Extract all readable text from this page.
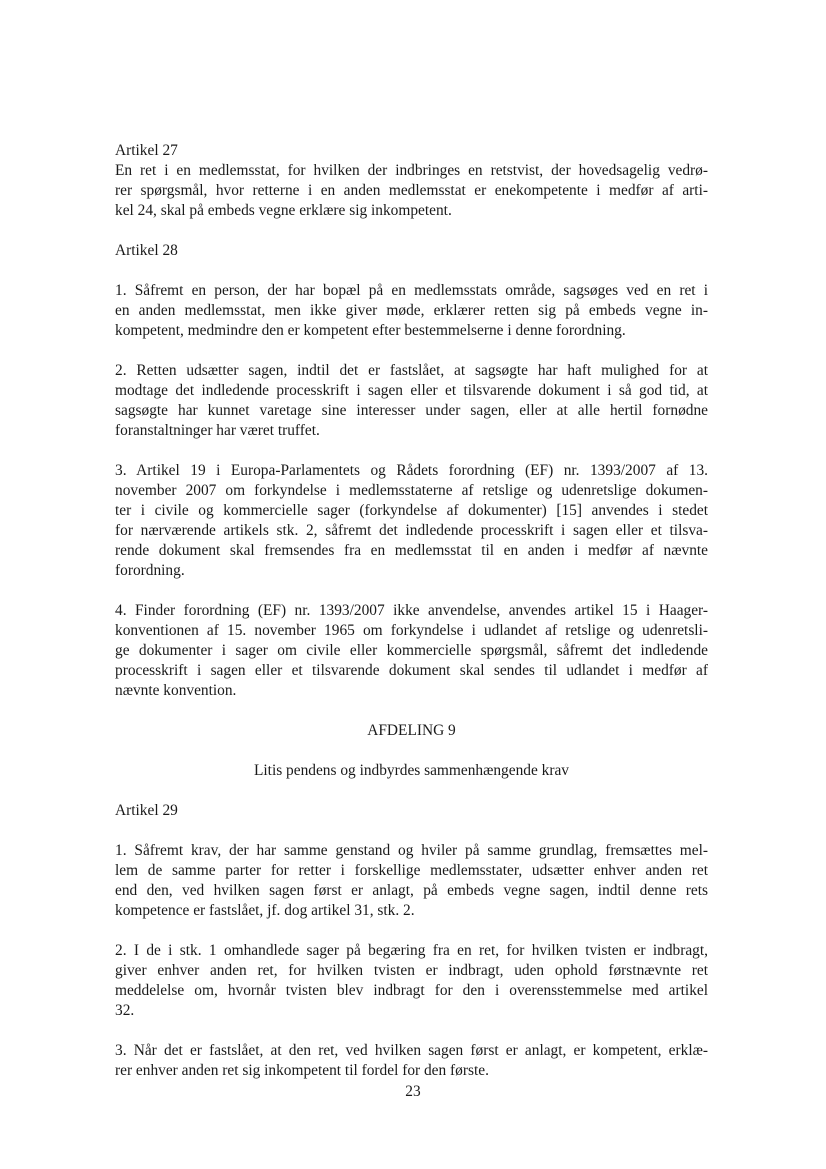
Artikel 27
En ret i en medlemsstat, for hvilken der indbringes en retstvist, der hovedsagelig vedrø-
rer spørgsmål, hvor retterne i en anden medlemsstat er enekompetente i medfør af arti-
kel 24, skal på embeds vegne erklære sig inkompetent.
Artikel 28
1. Såfremt en person, der har bopæl på en medlemsstats område, sagsøges ved en ret i
en anden medlemsstat, men ikke giver møde, erklærer retten sig på embeds vegne in-
kompetent, medmindre den er kompetent efter bestemmelserne i denne forordning.
2. Retten udsætter sagen, indtil det er fastslået, at sagsøgte har haft mulighed for at
modtage det indledende processkrift i sagen eller et tilsvarende dokument i så god tid, at
sagsøgte har kunnet varetage sine interesser under sagen, eller at alle hertil fornødne
foranstaltninger har været truffet.
3. Artikel 19 i Europa-Parlamentets og Rådets forordning (EF) nr. 1393/2007 af 13.
november 2007 om forkyndelse i medlemsstaterne af retslige og udenretslige dokumen-
ter i civile og kommercielle sager (forkyndelse af dokumenter) [15] anvendes i stedet
for nærværende artikels stk. 2, såfremt det indledende processkrift i sagen eller et tilsva-
rende dokument skal fremsendes fra en medlemsstat til en anden i medfør af nævnte
forordning.
4. Finder forordning (EF) nr. 1393/2007 ikke anvendelse, anvendes artikel 15 i Haager-
konventionen af 15. november 1965 om forkyndelse i udlandet af retslige og udenretsli-
ge dokumenter i sager om civile eller kommercielle spørgsmål, såfremt det indledende
processkrift i sagen eller et tilsvarende dokument skal sendes til udlandet i medfør af
nævnte konvention.
AFDELING 9
Litis pendens og indbyrdes sammenhængende krav
Artikel 29
1. Såfremt krav, der har samme genstand og hviler på samme grundlag, fremsættes mel-
lem de samme parter for retter i forskellige medlemsstater, udsætter enhver anden ret
end den, ved hvilken sagen først er anlagt, på embeds vegne sagen, indtil denne rets
kompetence er fastslået, jf. dog artikel 31, stk. 2.
2. I de i stk. 1 omhandlede sager på begæring fra en ret, for hvilken tvisten er indbragt,
giver enhver anden ret, for hvilken tvisten er indbragt, uden ophold førstnævnte ret
meddelelse om, hvornår tvisten blev indbragt for den i overensstemmelse med artikel
32.
3. Når det er fastslået, at den ret, ved hvilken sagen først er anlagt, er kompetent, erklæ-
rer enhver anden ret sig inkompetent til fordel for den første.
23
